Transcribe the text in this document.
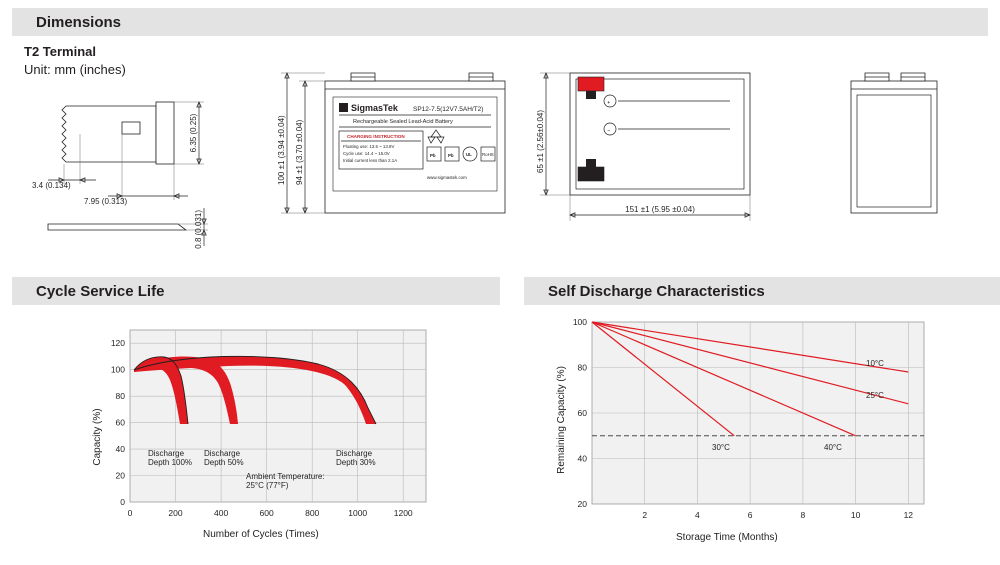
Dimensions
T2 Terminal
Unit: mm (inches)
6.35 (0.25)
3.4 (0.134)
7.95 (0.313)
0.8 (0.031)
S SigmasTek SP12-7.5(12V7.5AH/T2)
Rechargeable Sealed Lead-Acid Battery
CHARGING INSTRUCTION
Floating use: 13.5 ~ 13.8V
Cycle use: 14.4 ~ 15.0V
Initial current less than 2.1A
Pb	Pb	UL RoHS
www.sigmastek.com
100 ±1 (3.94 ±0.04) 94 ±1 (3.70 ±0.04)
+
−
65 ±1 (2.56±0.04)
151 ±1 (5.95 ±0.04)
Cycle Service Life
0
20
40
60
80
100
120
0	200	400	600	800	1000	1200
Capacity (%)
Number of Cycles (Times)
Discharge
Depth 100%
Discharge
Depth 50%
Discharge
Depth 30%
Ambient Temperature:
25°C (77°F)
Self Discharge Characteristics
20
40
60
80
100
2	4	6	8	10	12
Remaining Capacity (%)
Storage Time (Months)
10°C
25°C
40°C
30°C
